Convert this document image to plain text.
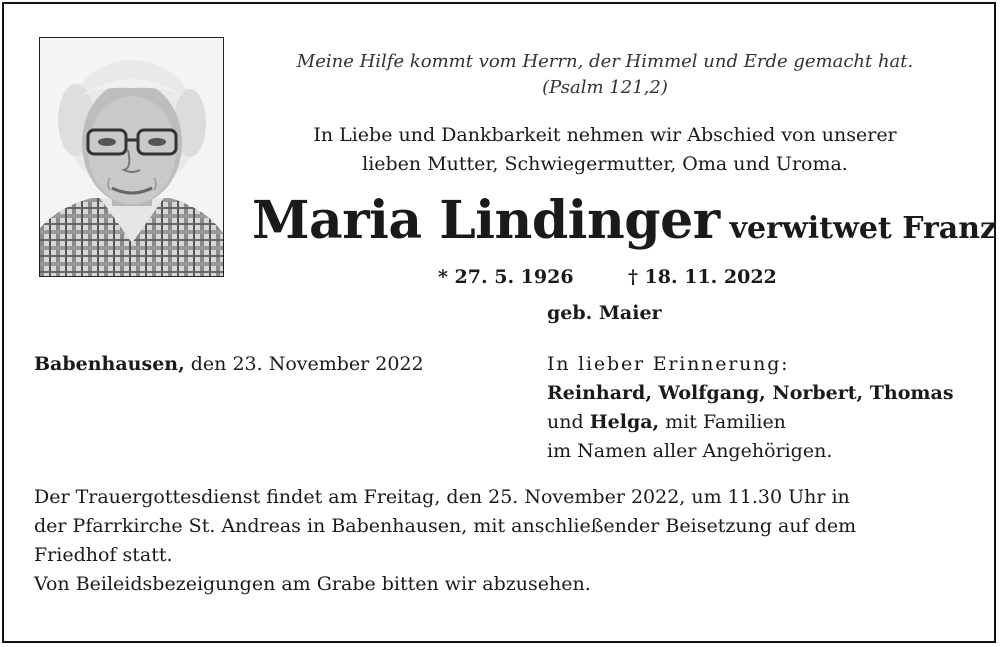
Meine Hilfe kommt vom Herrn, der Himmel und Erde gemacht hat.
(Psalm 121,2)
In Liebe und Dankbarkeit nehmen wir Abschied von unserer
lieben Mutter, Schwiegermutter, Oma und Uroma.
Maria Lindinger verwitwet Franz
* 27. 5. 1926	† 18. 11. 2022
geb. Maier
Babenhausen, den 23. November 2022	In lieber Erinnerung:
Reinhard, Wolfgang, Norbert, Thomas
und Helga, mit Familien
im Namen aller Angehörigen.
Der Trauergottesdienst findet am Freitag, den 25. November 2022, um 11.30 Uhr in
der Pfarrkirche St. Andreas in Babenhausen, mit anschließender Beisetzung auf dem
Friedhof statt.
Von Beileidsbezeigungen am Grabe bitten wir abzusehen.
